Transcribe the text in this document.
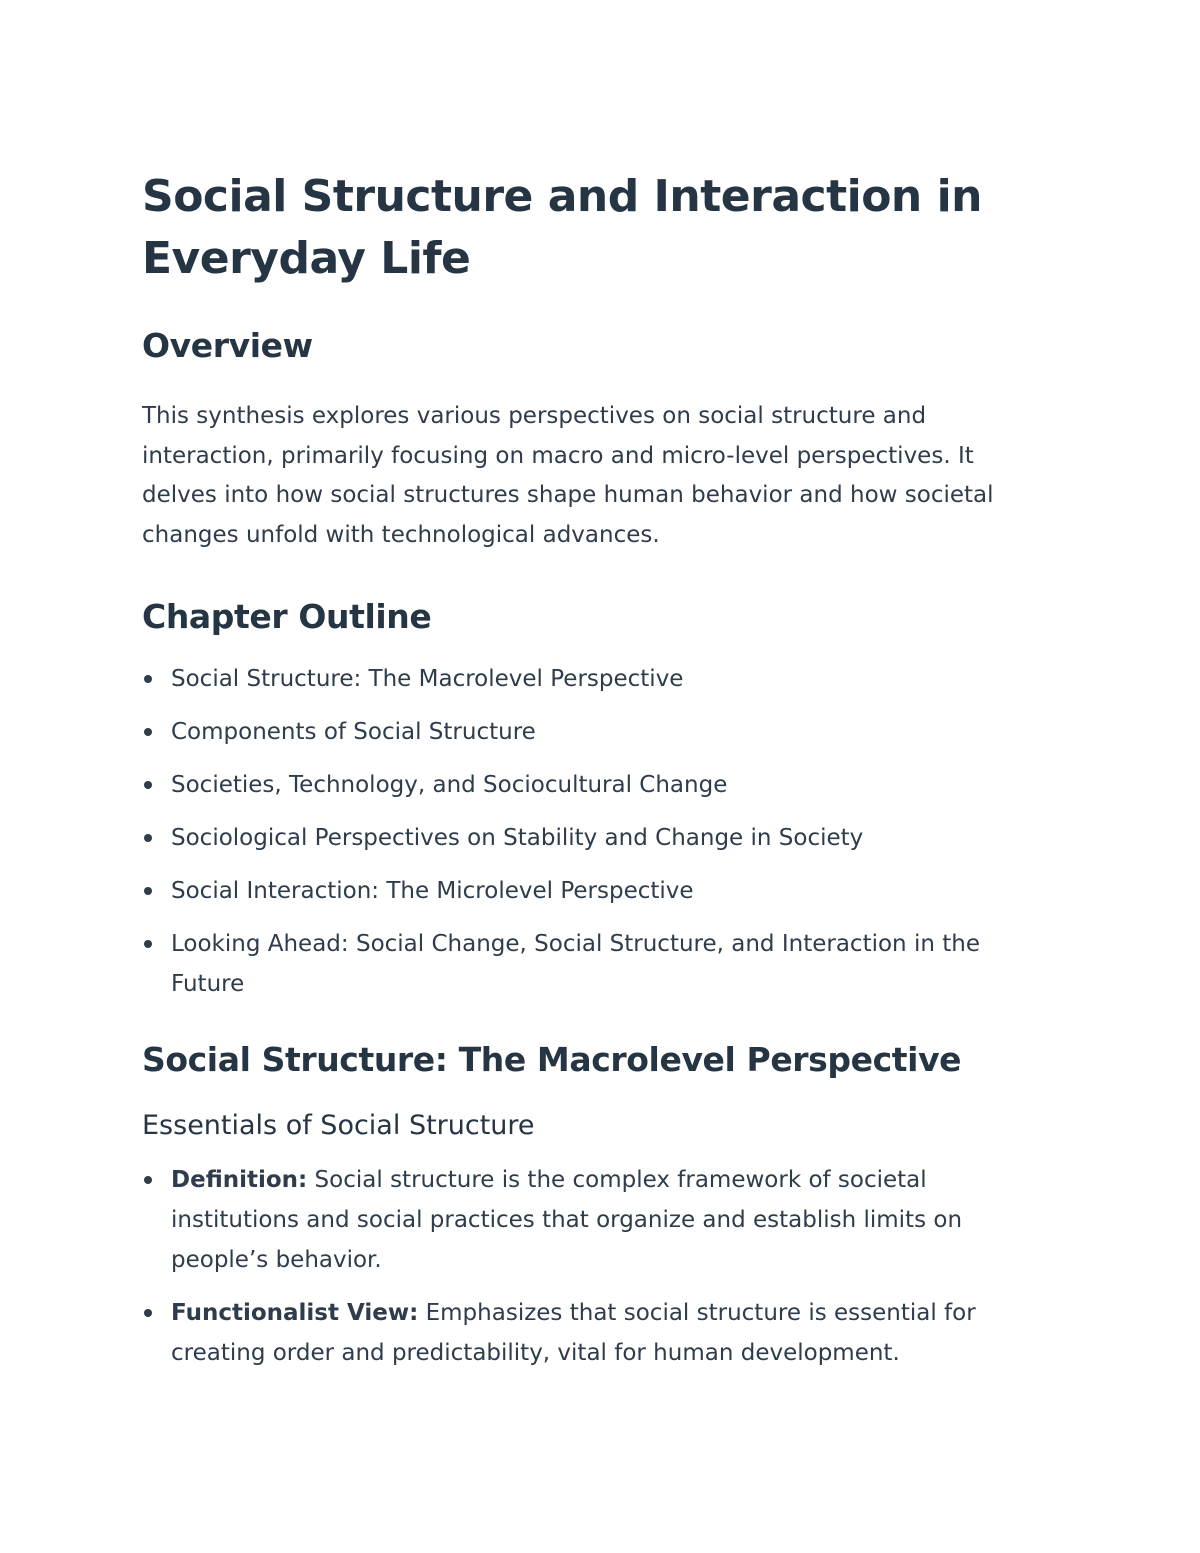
Social Structure and Interaction in Everyday Life
Overview

This synthesis explores various perspectives on social structure and interaction, primarily focusing on macro and micro-level perspectives. It delves into how social structures shape human behavior and how societal changes unfold with technological advances.

Chapter Outline
Social Structure: The Macrolevel Perspective
Components of Social Structure
Societies, Technology, and Sociocultural Change
Sociological Perspectives on Stability and Change in Society
Social Interaction: The Microlevel Perspective
Looking Ahead: Social Change, Social Structure, and Interaction in the Future
Social Structure: The Macrolevel Perspective
Essentials of Social Structure
Definition: Social structure is the complex framework of societal institutions and social practices that organize and establish limits on people’s behavior.
Functionalist View: Emphasizes that social structure is essential for creating order and predictability, vital for human development.
